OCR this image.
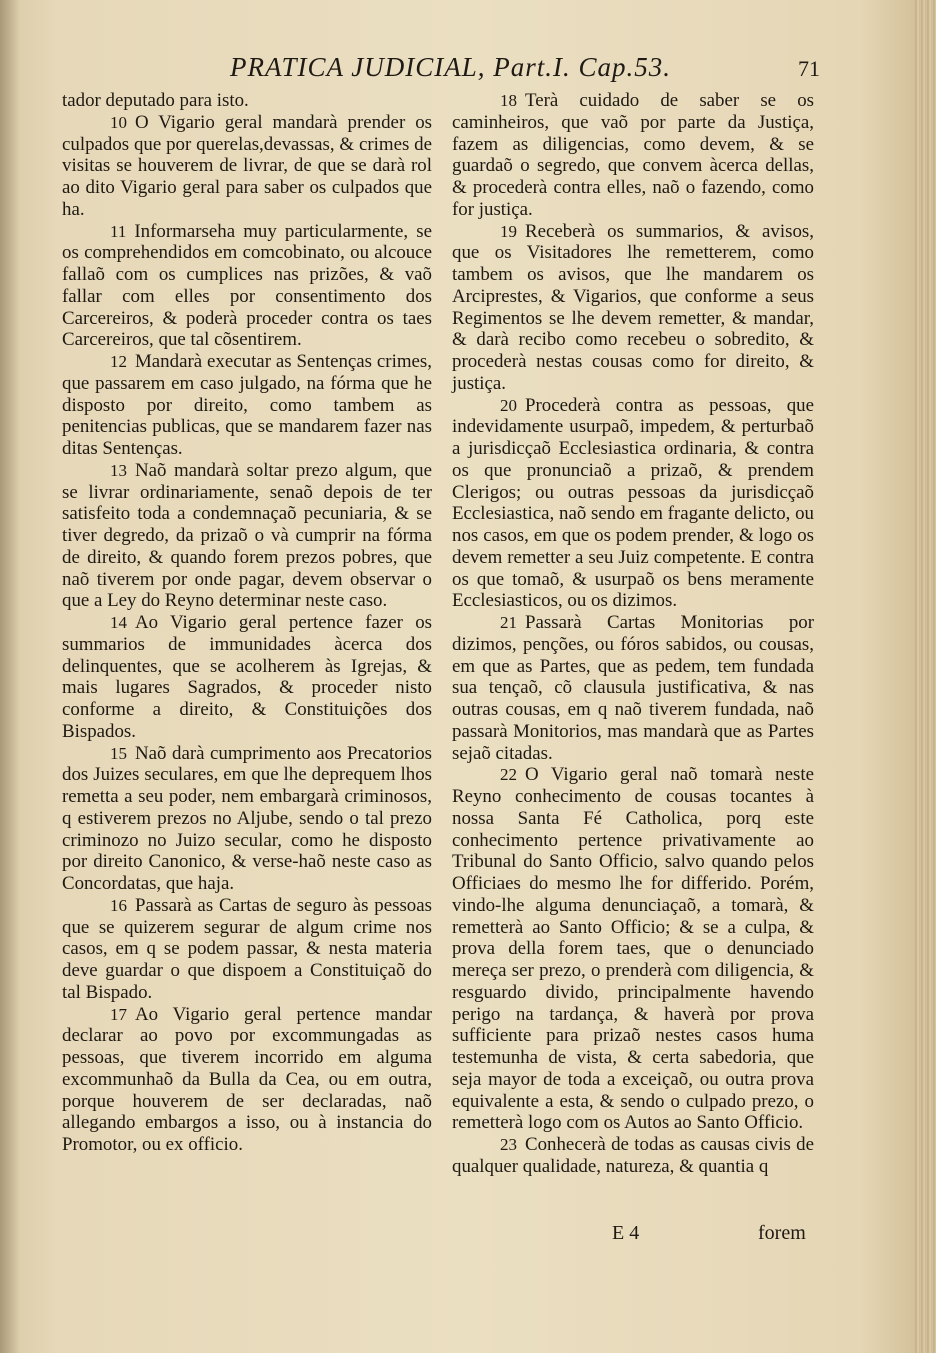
PRATICA JUDICIAL, Part.I. Cap.53.	71

tador deputado para isto.

10 O Vigario geral mandarà prender os culpados que por querelas,devassas, & crimes de visitas se houverem de livrar, de que se darà rol ao dito Vigario geral para saber os culpados que ha.

11 Informarseha muy particularmente, se os comprehendidos em comcobinato, ou alcouce fallaõ com os cumplices nas prizões, & vaõ fallar com elles por consentimento dos Carcereiros, & poderà proceder contra os taes Carcereiros, que tal cõsentirem.

12 Mandarà executar as Sentenças crimes, que passarem em caso julgado, na fórma que he disposto por direito, como tambem as penitencias publicas, que se mandarem fazer nas ditas Sentenças.

13 Naõ mandarà soltar prezo algum, que se livrar ordinariamente, senaõ depois de ter satisfeito toda a condemnaçaõ pecuniaria, & se tiver degredo, da prizaõ o và cumprir na fórma de direito, & quando forem prezos pobres, que naõ tiverem por onde pagar, devem observar o que a Ley do Reyno determinar neste caso.

14 Ao Vigario geral pertence fazer os summarios de immunidades àcerca dos delinquentes, que se acolherem às Igrejas, & mais lugares Sagrados, & proceder nisto conforme a direito, & Constituições dos Bispados.

15 Naõ darà cumprimento aos Precatorios dos Juizes seculares, em que lhe deprequem lhos remetta a seu poder, nem embargarà criminosos, q estiverem prezos no Aljube, sendo o tal prezo criminozo no Juizo secular, como he disposto por direito Canonico, & verse-haõ neste caso as Concordatas, que haja.

16 Passarà as Cartas de seguro às pessoas que se quizerem segurar de algum crime nos casos, em q se podem passar, & nesta materia deve guardar o que dispoem a Constituiçaõ do tal Bispado.

17 Ao Vigario geral pertence mandar declarar ao povo por excommungadas as pessoas, que tiverem incorrido em alguma excommunhaõ da Bulla da Cea, ou em outra, porque houverem de ser declaradas, naõ allegando embargos a isso, ou à instancia do Promotor, ou ex officio.

18 Terà cuidado de saber se os caminheiros, que vaõ por parte da Justiça, fazem as diligencias, como devem, & se guardaõ o segredo, que convem àcerca dellas, & procederà contra elles, naõ o fazendo, como for justiça.

19 Receberà os summarios, & avisos, que os Visitadores lhe remetterem, como tambem os avisos, que lhe mandarem os Arciprestes, & Vigarios, que conforme a seus Regimentos se lhe devem remetter, & mandar, & darà recibo como recebeu o sobredito, & procederà nestas cousas como for direito, & justiça.

20 Procederà contra as pessoas, que indevidamente usurpaõ, impedem, & perturbaõ a jurisdicçaõ Ecclesiastica ordinaria, & contra os que pronunciaõ a prizaõ, & prendem Clerigos; ou outras pessoas da jurisdicçaõ Ecclesiastica, naõ sendo em fragante delicto, ou nos casos, em que os podem prender, & logo os devem remetter a seu Juiz competente. E contra os que tomaõ, & usurpaõ os bens meramente Ecclesiasticos, ou os dizimos.

21 Passarà Cartas Monitorias por dizimos, penções, ou fóros sabidos, ou cousas, em que as Partes, que as pedem, tem fundada sua tençaõ, cõ clausula justificativa, & nas outras cousas, em q naõ tiverem fundada, naõ passarà Monitorios, mas mandarà que as Partes sejaõ citadas.

22 O Vigario geral naõ tomarà neste Reyno conhecimento de cousas tocantes à nossa Santa Fé Catholica, porq este conhecimento pertence privativamente ao Tribunal do Santo Officio, salvo quando pelos Officiaes do mesmo lhe for differido. Porém, vindo-lhe alguma denunciaçaõ, a tomarà, & remetterà ao Santo Officio; & se a culpa, & prova della forem taes, que o denunciado mereça ser prezo, o prenderà com diligencia, & resguardo divido, principalmente havendo perigo na tardança, & haverà por prova sufficiente para prizaõ nestes casos huma testemunha de vista, & certa sabedoria, que seja mayor de toda a exceiçaõ, ou outra prova equivalente a esta, & sendo o culpado prezo, o remetterà logo com os Autos ao Santo Officio.

23 Conhecerà de todas as causas civis de qualquer qualidade, natureza, & quantia q

E 4	forem
